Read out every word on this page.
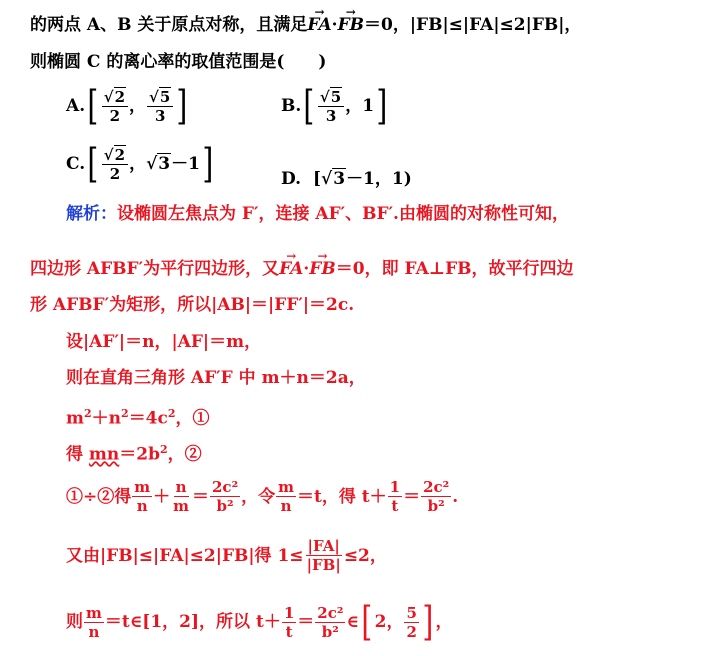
的两点 A、B 关于原点对称，且满足→ FA·→ FB＝0，|FB|≤|FA|≤2|FB|，
则椭圆 C 的离心率的取值范围是(　　)
A. [ $\frac{√2}{2}$ ， $\frac{√5}{3}$ ]	B. [ $\frac{√5}{3}$ ， 1 ]
C. [ $\frac{√2}{2}$ ， √3 －1 ]	D. [√3－1，1)
解析：设椭圆左焦点为 F′，连接 AF′、BF′.由椭圆的对称性可知，
四边形 AFBF′为平行四边形，又→ FA·→ FB＝0，即 FA⊥FB，故平行四边
形 AFBF′为矩形，所以|AB|＝|FF′|＝2c.
设|AF′|＝n，|AF|＝m，
则在直角三角形 AF′F 中 m＋n＝2a，
$m^2+n^2=4c^2$，①
得 $mn=2b^2$，②
①÷②得 $\frac{m}{n} + \frac{n}{m} = \frac{\text{2c²}}{\text{b²}}$ ，令 $\frac{m}{n} =t$，得 $t+ \frac{1}{t} = \frac{\text{2c²}}{\text{b²}}$ .
又由|FB|≤|FA|≤2|FB|得 $1\le \frac{|FA|}{|FB|} \le 2$，
则 $\frac{m}{n}$ ＝t∈[1，2]，所以 $t+ \frac{1}{t} = \frac{\text{2c²}}{\text{b²}}$ ∈ [ 2， $\frac{5}{2}$ ] ，
